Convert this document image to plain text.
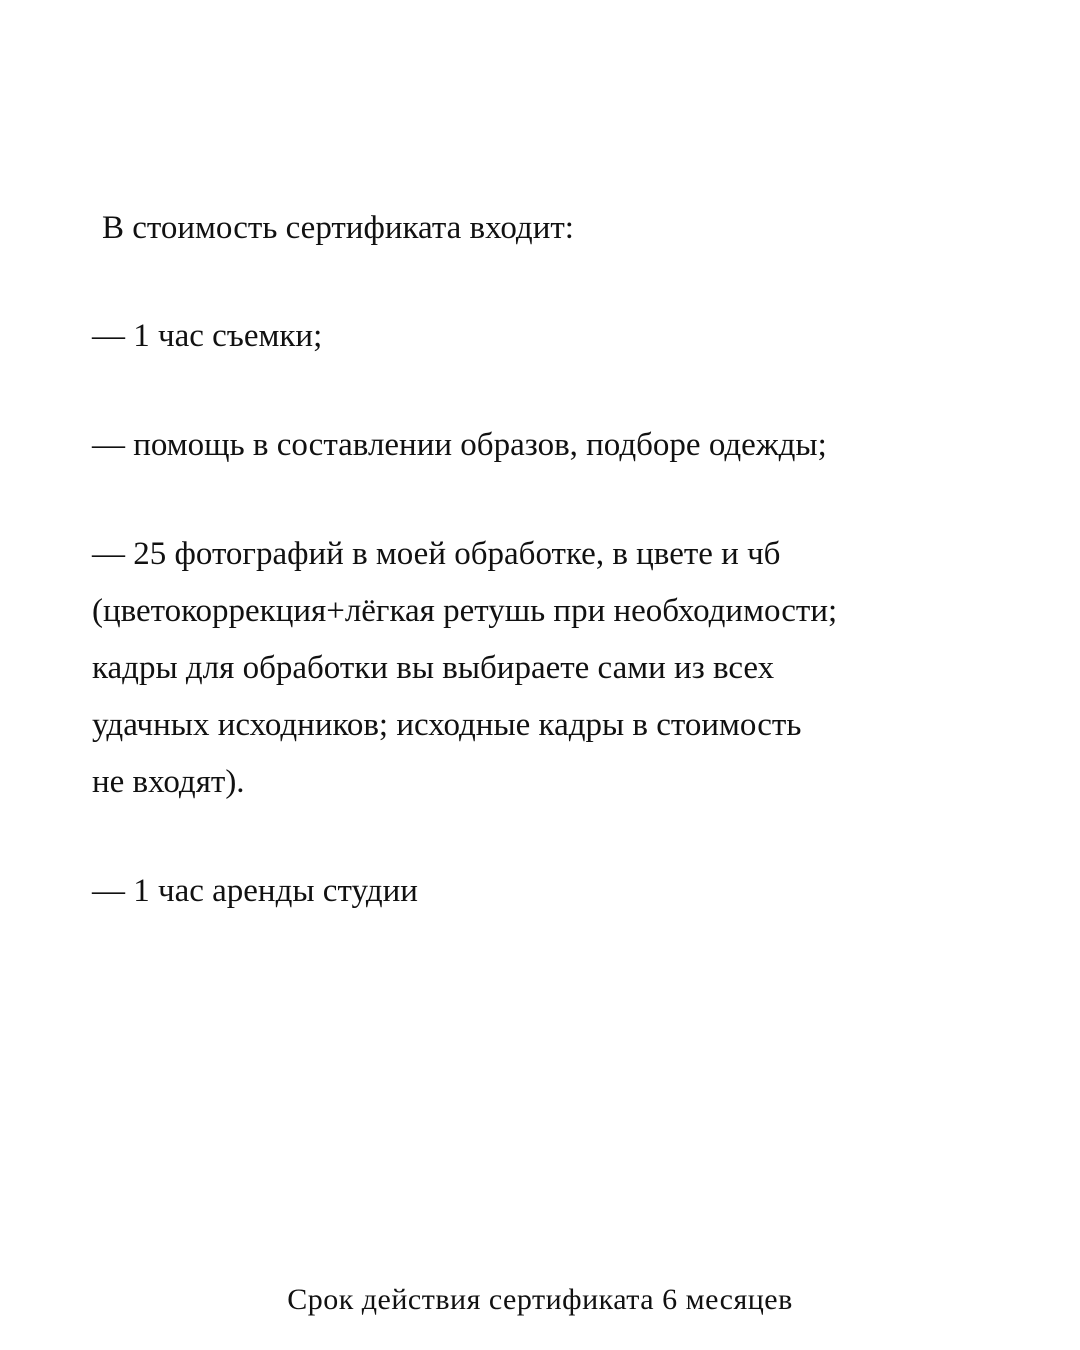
В стоимость сертификата входит:
— 1 час съемки;
— помощь в составлении образов, подборе одежды;
— 25 фотографий в моей обработке, в цвете и чб
(цветокоррекция+лёгкая ретушь при необходимости;
кадры для обработки вы выбираете сами из всех
удачных исходников; исходные кадры в стоимость
не входят).
— 1 час аренды студии
Срок действия сертификата 6 месяцев
